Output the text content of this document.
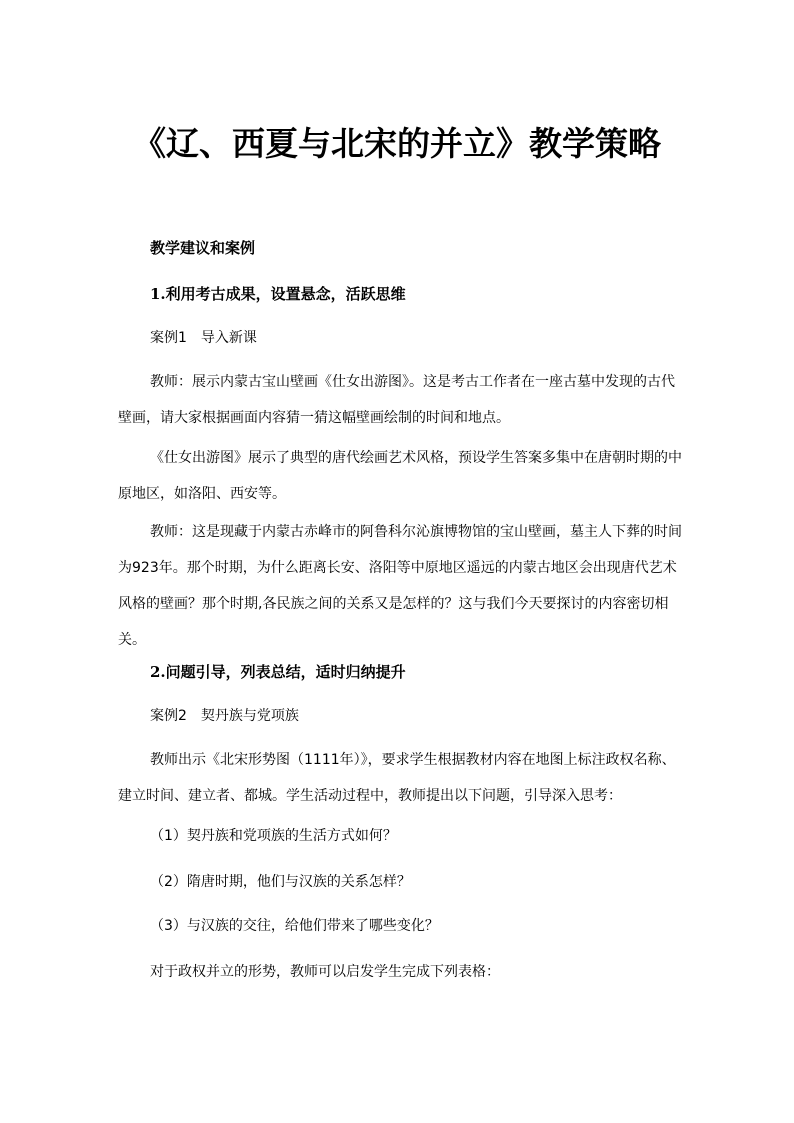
《辽、西夏与北宋的并立》教学策略
教学建议和案例
1.利用考古成果，设置悬念，活跃思维
案例1　导入新课
教师：展示内蒙古宝山壁画《仕女出游图》。这是考古工作者在一座古墓中发现的古代壁画，请大家根据画面内容猜一猜这幅壁画绘制的时间和地点。
《仕女出游图》展示了典型的唐代绘画艺术风格，预设学生答案多集中在唐朝时期的中原地区，如洛阳、西安等。
教师：这是现藏于内蒙古赤峰市的阿鲁科尔沁旗博物馆的宝山壁画，墓主人下葬的时间为923年。那个时期，为什么距离长安、洛阳等中原地区遥远的内蒙古地区会出现唐代艺术风格的壁画？那个时期,各民族之间的关系又是怎样的？这与我们今天要探讨的内容密切相关。
2.问题引导，列表总结，适时归纳提升
案例2　契丹族与党项族
教师出示《北宋形势图（1111年）》，要求学生根据教材内容在地图上标注政权名称、建立时间、建立者、都城。学生活动过程中，教师提出以下问题，引导深入思考：
（1）契丹族和党项族的生活方式如何？
（2）隋唐时期，他们与汉族的关系怎样？
（3）与汉族的交往，给他们带来了哪些变化？
对于政权并立的形势，教师可以启发学生完成下列表格：
